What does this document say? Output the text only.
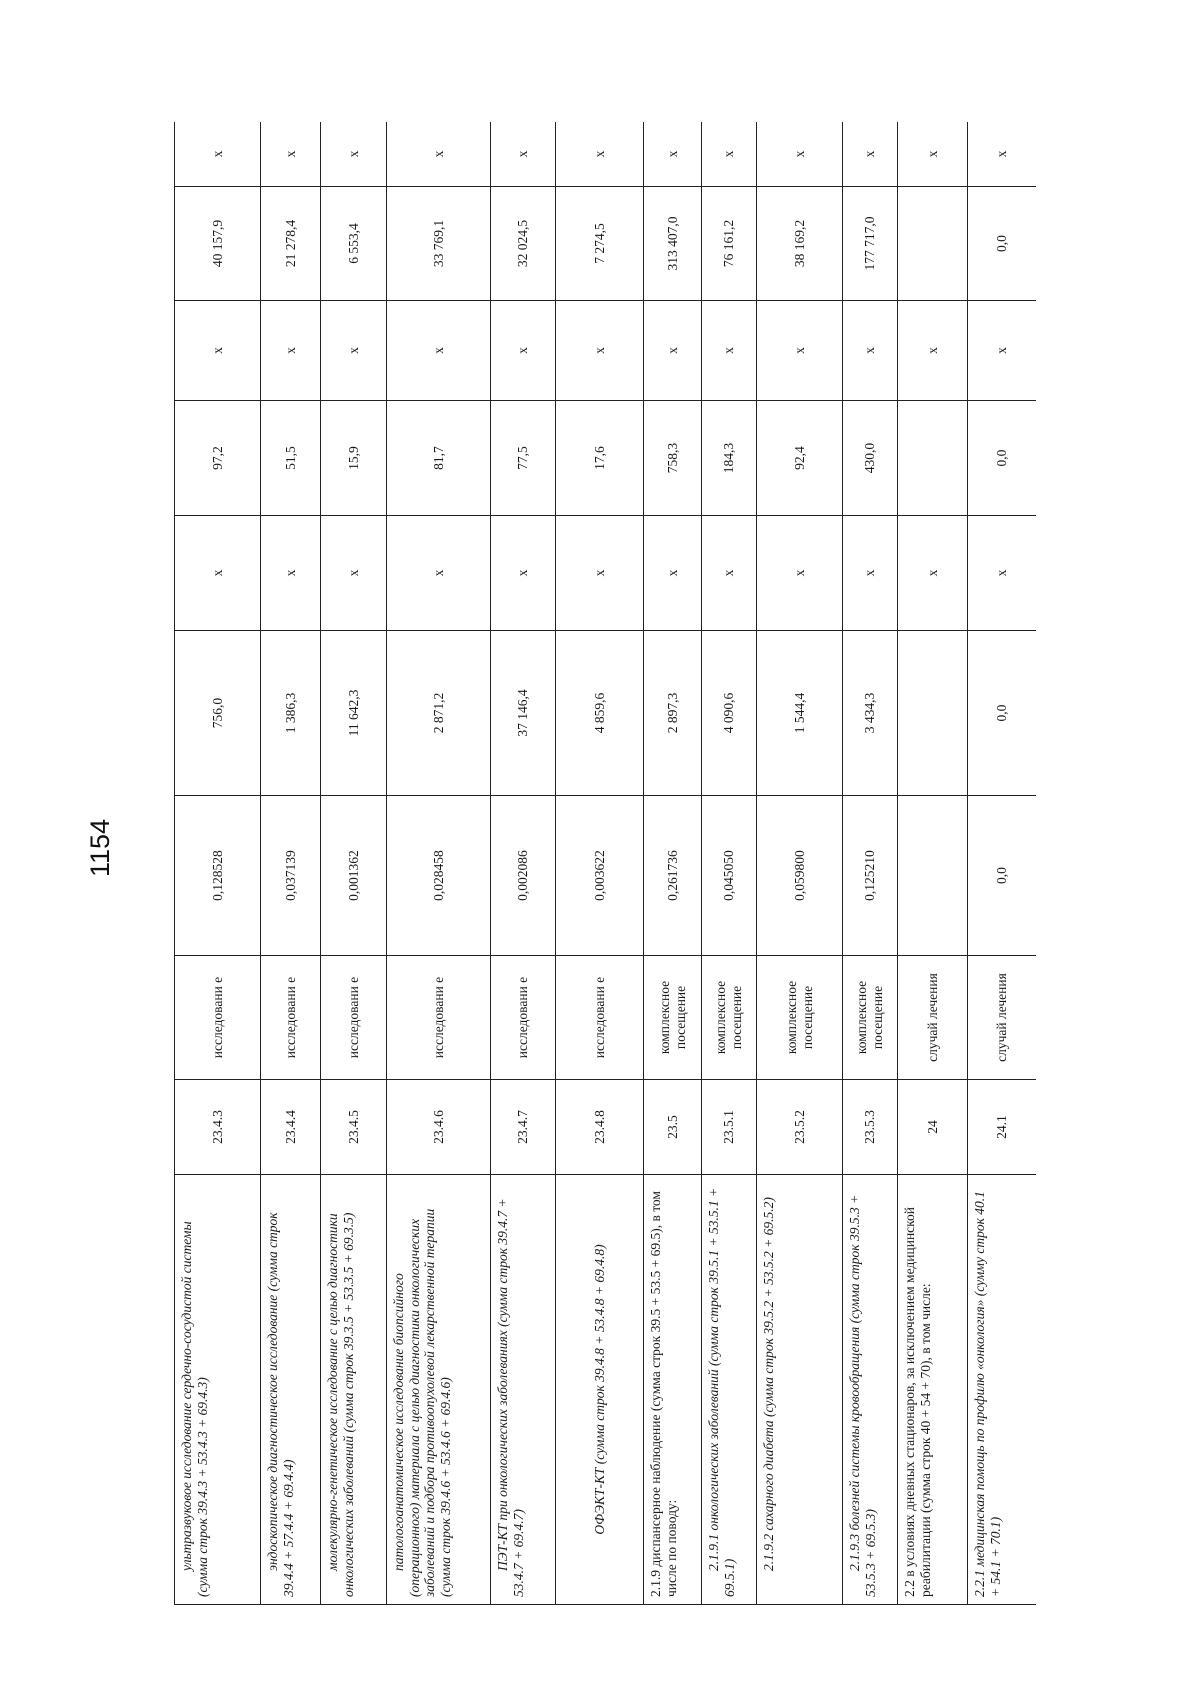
1154
ультразвуковое исследование сердечно-сосудистой системы (сумма строк 39.4.3 + 53.4.3 + 69.4.3)	23.4.3	исследовани е	0,128528	756,0	x	97,2	x	40 157,9	x
эндоскопическое диагностическое исследование (сумма строк 39.4.4 + 57.4.4 + 69.4.4)	23.4.4	исследовани е	0,037139	1 386,3	x	51,5	x	21 278,4	x
молекулярно-генетическое исследование с целью диагностики онкологических заболеваний (сумма строк 39.3.5 + 53.3.5 + 69.3.5)	23.4.5	исследовани е	0,001362	11 642,3	x	15,9	x	6 553,4	x
патологоанатомическое исследование биопсийного (операционного) материала с целью диагностики онкологических заболеваний и подбора противоопухолевой лекарственной терапии (сумма строк 39.4.6 + 53.4.6 + 69.4.6)	23.4.6	исследовани е	0,028458	2 871,2	x	81,7	x	33 769,1	x
ПЭТ-КТ при онкологических заболеваниях (сумма строк 39.4.7 + 53.4.7 + 69.4.7)	23.4.7	исследовани е	0,002086	37 146,4	x	77,5	x	32 024,5	x
ОФЭКТ-КТ (сумма строк 39.4.8 + 53.4.8 + 69.4.8)	23.4.8	исследовани е	0,003622	4 859,6	x	17,6	x	7 274,5	x
2.1.9 диспансерное наблюдение (сумма строк 39.5 + 53.5 + 69.5), в том числе по поводу:	23.5	комплексное посещение	0,261736	2 897,3	x	758,3	x	313 407,0	x
2.1.9.1 онкологических заболеваний (сумма строк 39.5.1 + 53.5.1 + 69.5.1)	23.5.1	комплексное посещение	0,045050	4 090,6	x	184,3	x	76 161,2	x
2.1.9.2 сахарного диабета (сумма строк 39.5.2 + 53.5.2 + 69.5.2)	23.5.2	комплексное посещение	0,059800	1 544,4	x	92,4	x	38 169,2	x
2.1.9.3 болезней системы кровообращения (сумма строк 39.5.3 + 53.5.3 + 69.5.3)	23.5.3	комплексное посещение	0,125210	3 434,3	x	430,0	x	177 717,0	x
2.2 в условиях дневных стационаров, за исключением медицинской реабилитации (сумма строк 40 + 54 + 70), в том числе:	24	случай лечения			x		x		x
2.2.1 медицинская помощь по профилю «онкология» (сумму строк 40.1 + 54.1 + 70.1)	24.1	случай лечения	0,0	0,0	x	0,0	x	0,0	x
